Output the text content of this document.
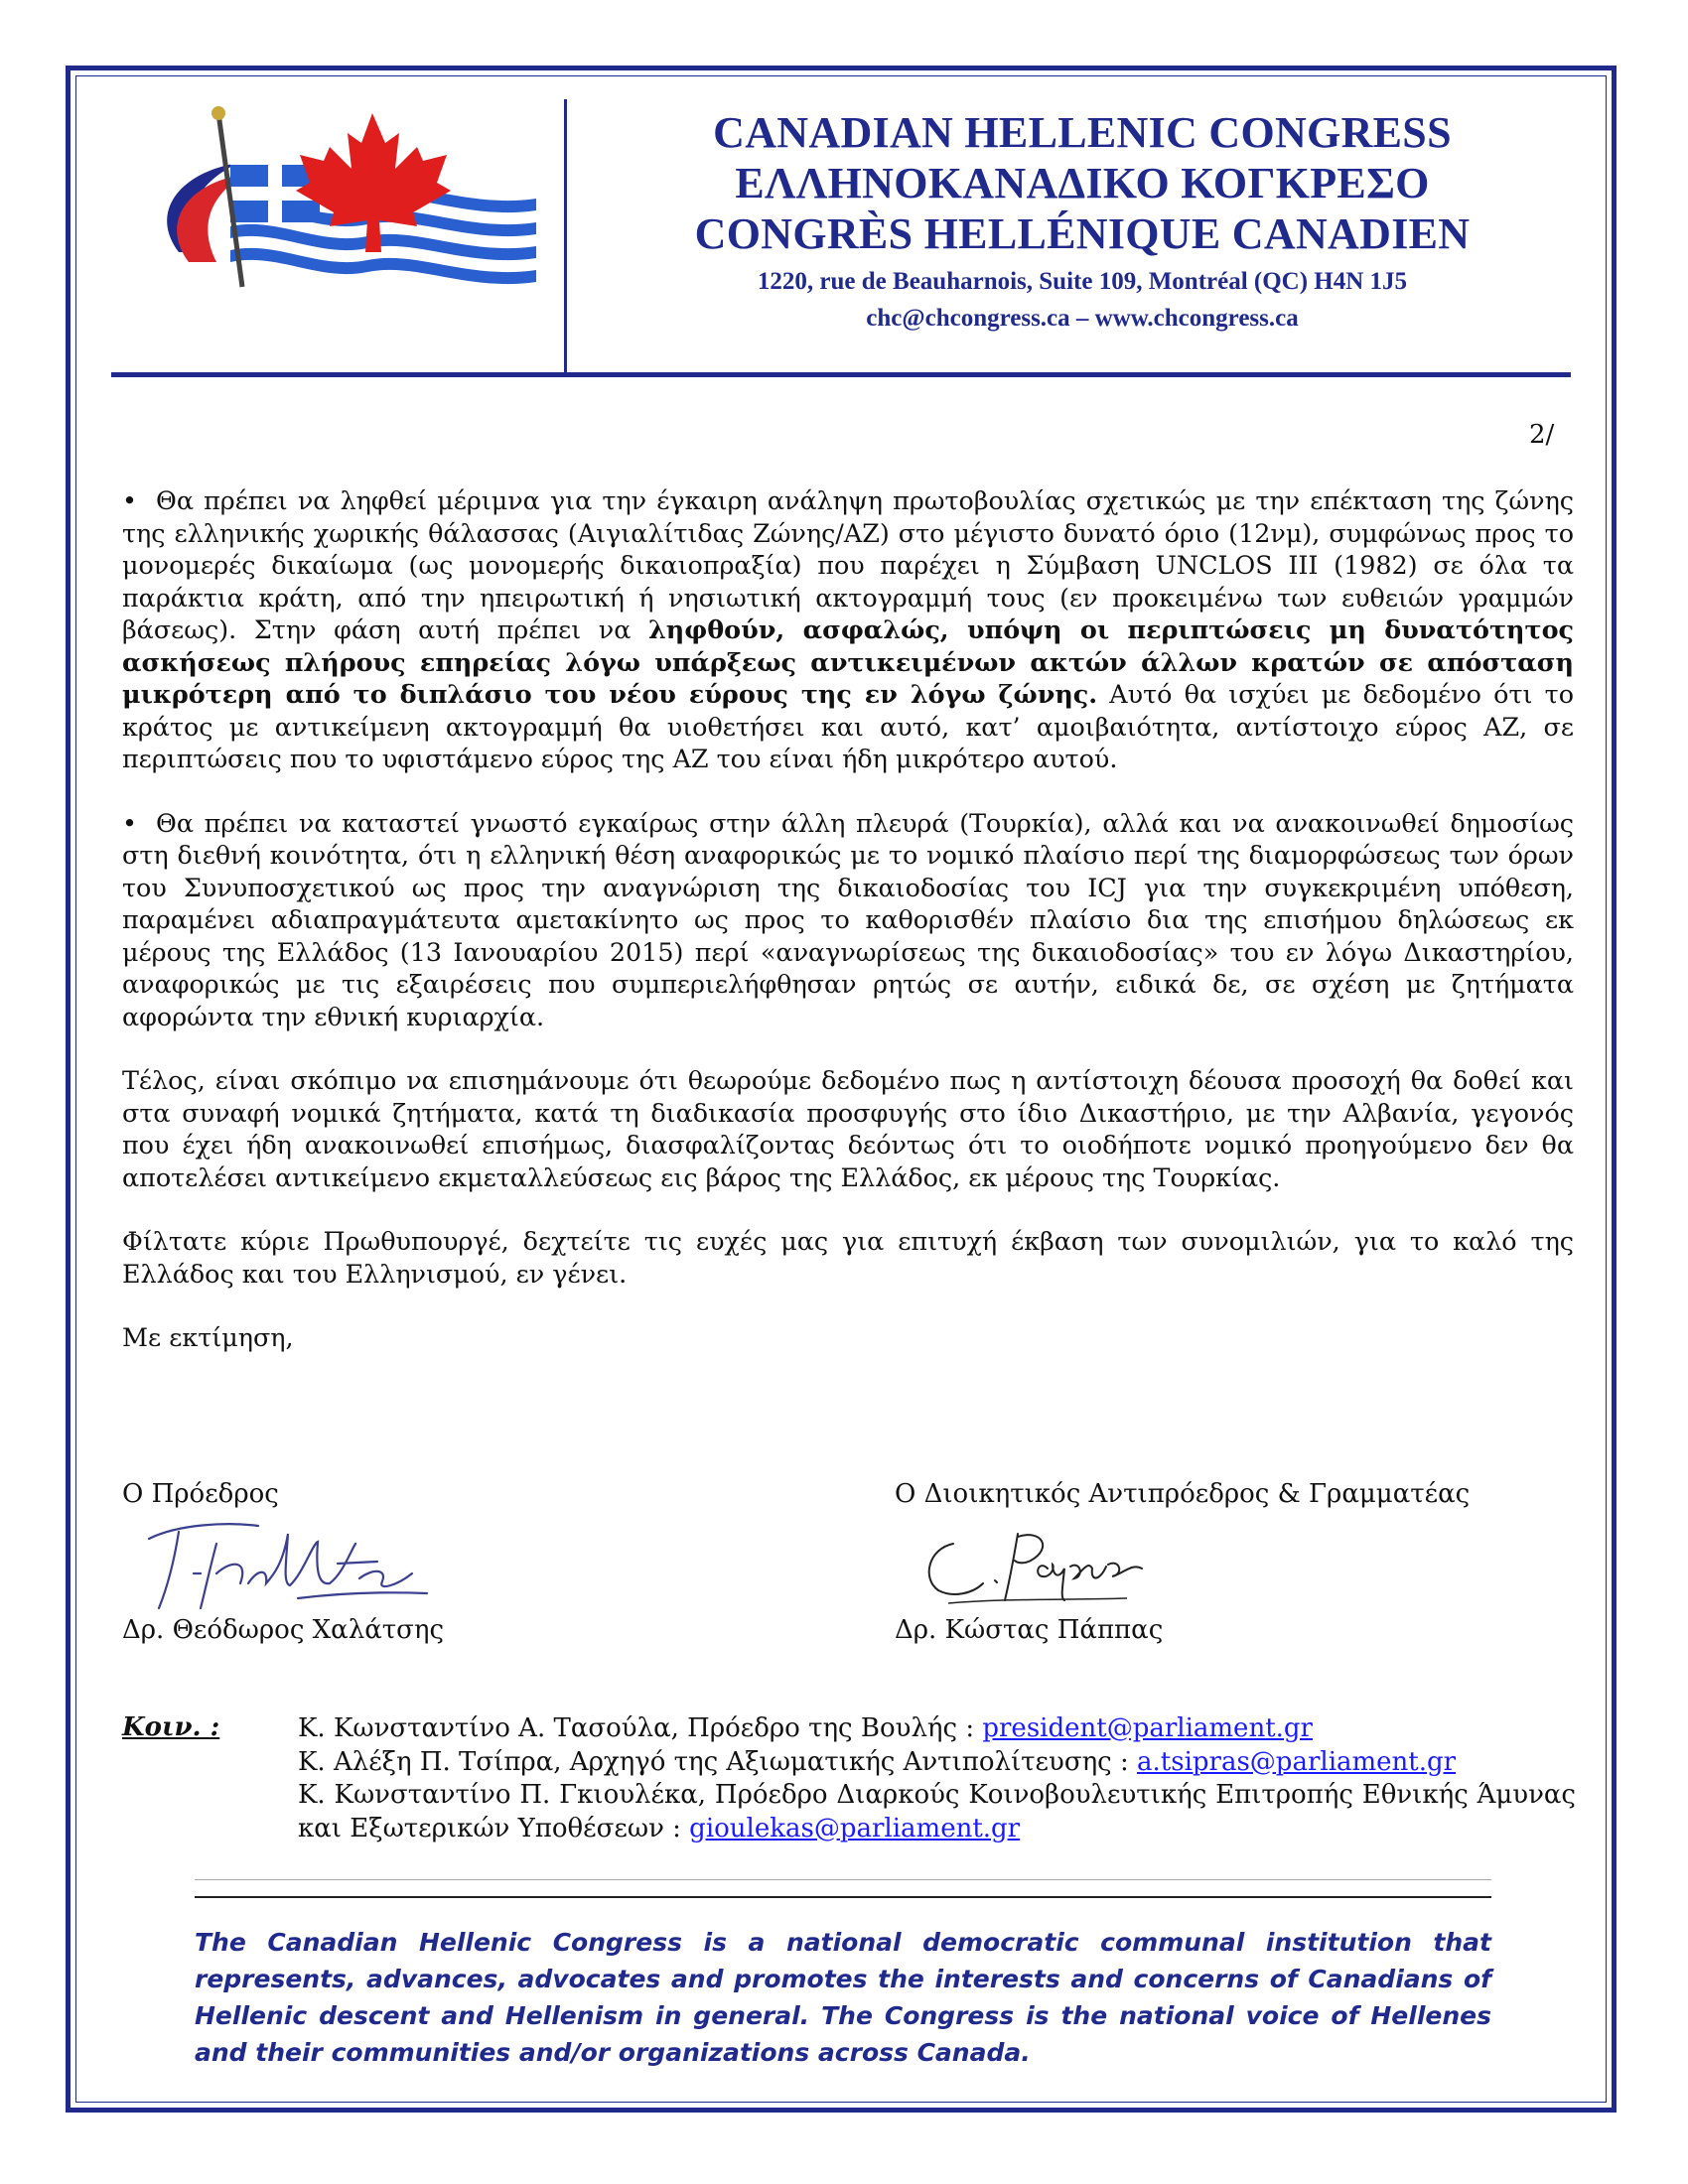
CANADIAN HELLENIC CONGRESS
ΕΛΛΗΝΟΚΑΝΑΔΙΚΟ ΚΟΓΚΡΕΣΟ
CONGRÈS HELLÉNIQUE CANADIEN
1220, rue de Beauharnois, Suite 109, Montréal (QC) H4N 1J5
chc@chcongress.ca – www.chcongress.ca
2/

• Θα πρέπει να ληφθεί μέριμνα για την έγκαιρη ανάληψη πρωτοβουλίας σχετικώς με την επέκταση της ζώνης της ελληνικής χωρικής θάλασσας (Αιγιαλίτιδας Ζώνης/ΑΖ) στο μέγιστο δυνατό όριο (12νμ), συμφώνως προς το μονομερές δικαίωμα (ως μονομερής δικαιοπραξία) που παρέχει η Σύμβαση UNCLOS III (1982) σε όλα τα παράκτια κράτη, από την ηπειρωτική ή νησιωτική ακτογραμμή τους (εν προκειμένω των ευθειών γραμμών βάσεως). Στην φάση αυτή πρέπει να ληφθούν, ασφαλώς, υπόψη οι περιπτώσεις μη δυνατότητος ασκήσεως πλήρους επηρείας λόγω υπάρξεως αντικειμένων ακτών άλλων κρατών σε απόσταση μικρότερη από το διπλάσιο του νέου εύρους της εν λόγω ζώνης. Αυτό θα ισχύει με δεδομένο ότι το κράτος με αντικείμενη ακτογραμμή θα υιοθετήσει και αυτό, κατ’ αμοιβαιότητα, αντίστοιχο εύρος ΑΖ, σε περιπτώσεις που το υφιστάμενο εύρος της ΑΖ του είναι ήδη μικρότερο αυτού.

• Θα πρέπει να καταστεί γνωστό εγκαίρως στην άλλη πλευρά (Τουρκία), αλλά και να ανακοινωθεί δημοσίως στη διεθνή κοινότητα, ότι η ελληνική θέση αναφορικώς με το νομικό πλαίσιο περί της διαμορφώσεως των όρων του Συνυποσχετικού ως προς την αναγνώριση της δικαιοδοσίας του ICJ για την συγκεκριμένη υπόθεση, παραμένει αδιαπραγμάτευτα αμετακίνητο ως προς το καθορισθέν πλαίσιο δια της επισήμου δηλώσεως εκ μέρους της Ελλάδος (13 Ιανουαρίου 2015) περί «αναγνωρίσεως της δικαιοδοσίας» του εν λόγω Δικαστηρίου, αναφορικώς με τις εξαιρέσεις που συμπεριελήφθησαν ρητώς σε αυτήν, ειδικά δε, σε σχέση με ζητήματα αφορώντα την εθνική κυριαρχία.

Τέλος, είναι σκόπιμο να επισημάνουμε ότι θεωρούμε δεδομένο πως η αντίστοιχη δέουσα προσοχή θα δοθεί και στα συναφή νομικά ζητήματα, κατά τη διαδικασία προσφυγής στο ίδιο Δικαστήριο, με την Αλβανία, γεγονός που έχει ήδη ανακοινωθεί επισήμως, διασφαλίζοντας δεόντως ότι το οιοδήποτε νομικό προηγούμενο δεν θα αποτελέσει αντικείμενο εκμεταλλεύσεως εις βάρος της Ελλάδος, εκ μέρους της Τουρκίας.

Φίλτατε κύριε Πρωθυπουργέ, δεχτείτε τις ευχές μας για επιτυχή έκβαση των συνομιλιών, για το καλό της Ελλάδος και του Ελληνισμού, εν γένει.

Με εκτίμηση,

Ο Πρόεδρος
Δρ. Θεόδωρος Χαλάτσης
Ο Διοικητικός Αντιπρόεδρος & Γραμματέας
Δρ. Κώστας Πάππας
Κοιν. :	Κ. Κωνσταντίνο Α. Τασούλα, Πρόεδρο της Βουλής : president@parliament.gr
Κ. Αλέξη Π. Τσίπρα, Αρχηγό της Αξιωματικής Αντιπολίτευσης : a.tsipras@parliament.gr
Κ. Κωνσταντίνο Π. Γκιουλέκα, Πρόεδρο Διαρκούς Κοινοβουλευτικής Επιτροπής Εθνικής Άμυνας και Εξωτερικών Υποθέσεων : gioulekas@parliament.gr
The Canadian Hellenic Congress is a national democratic communal institution that represents, advances, advocates and promotes the interests and concerns of Canadians of Hellenic descent and Hellenism in general. The Congress is the national voice of Hellenes and their communities and/or organizations across Canada.
